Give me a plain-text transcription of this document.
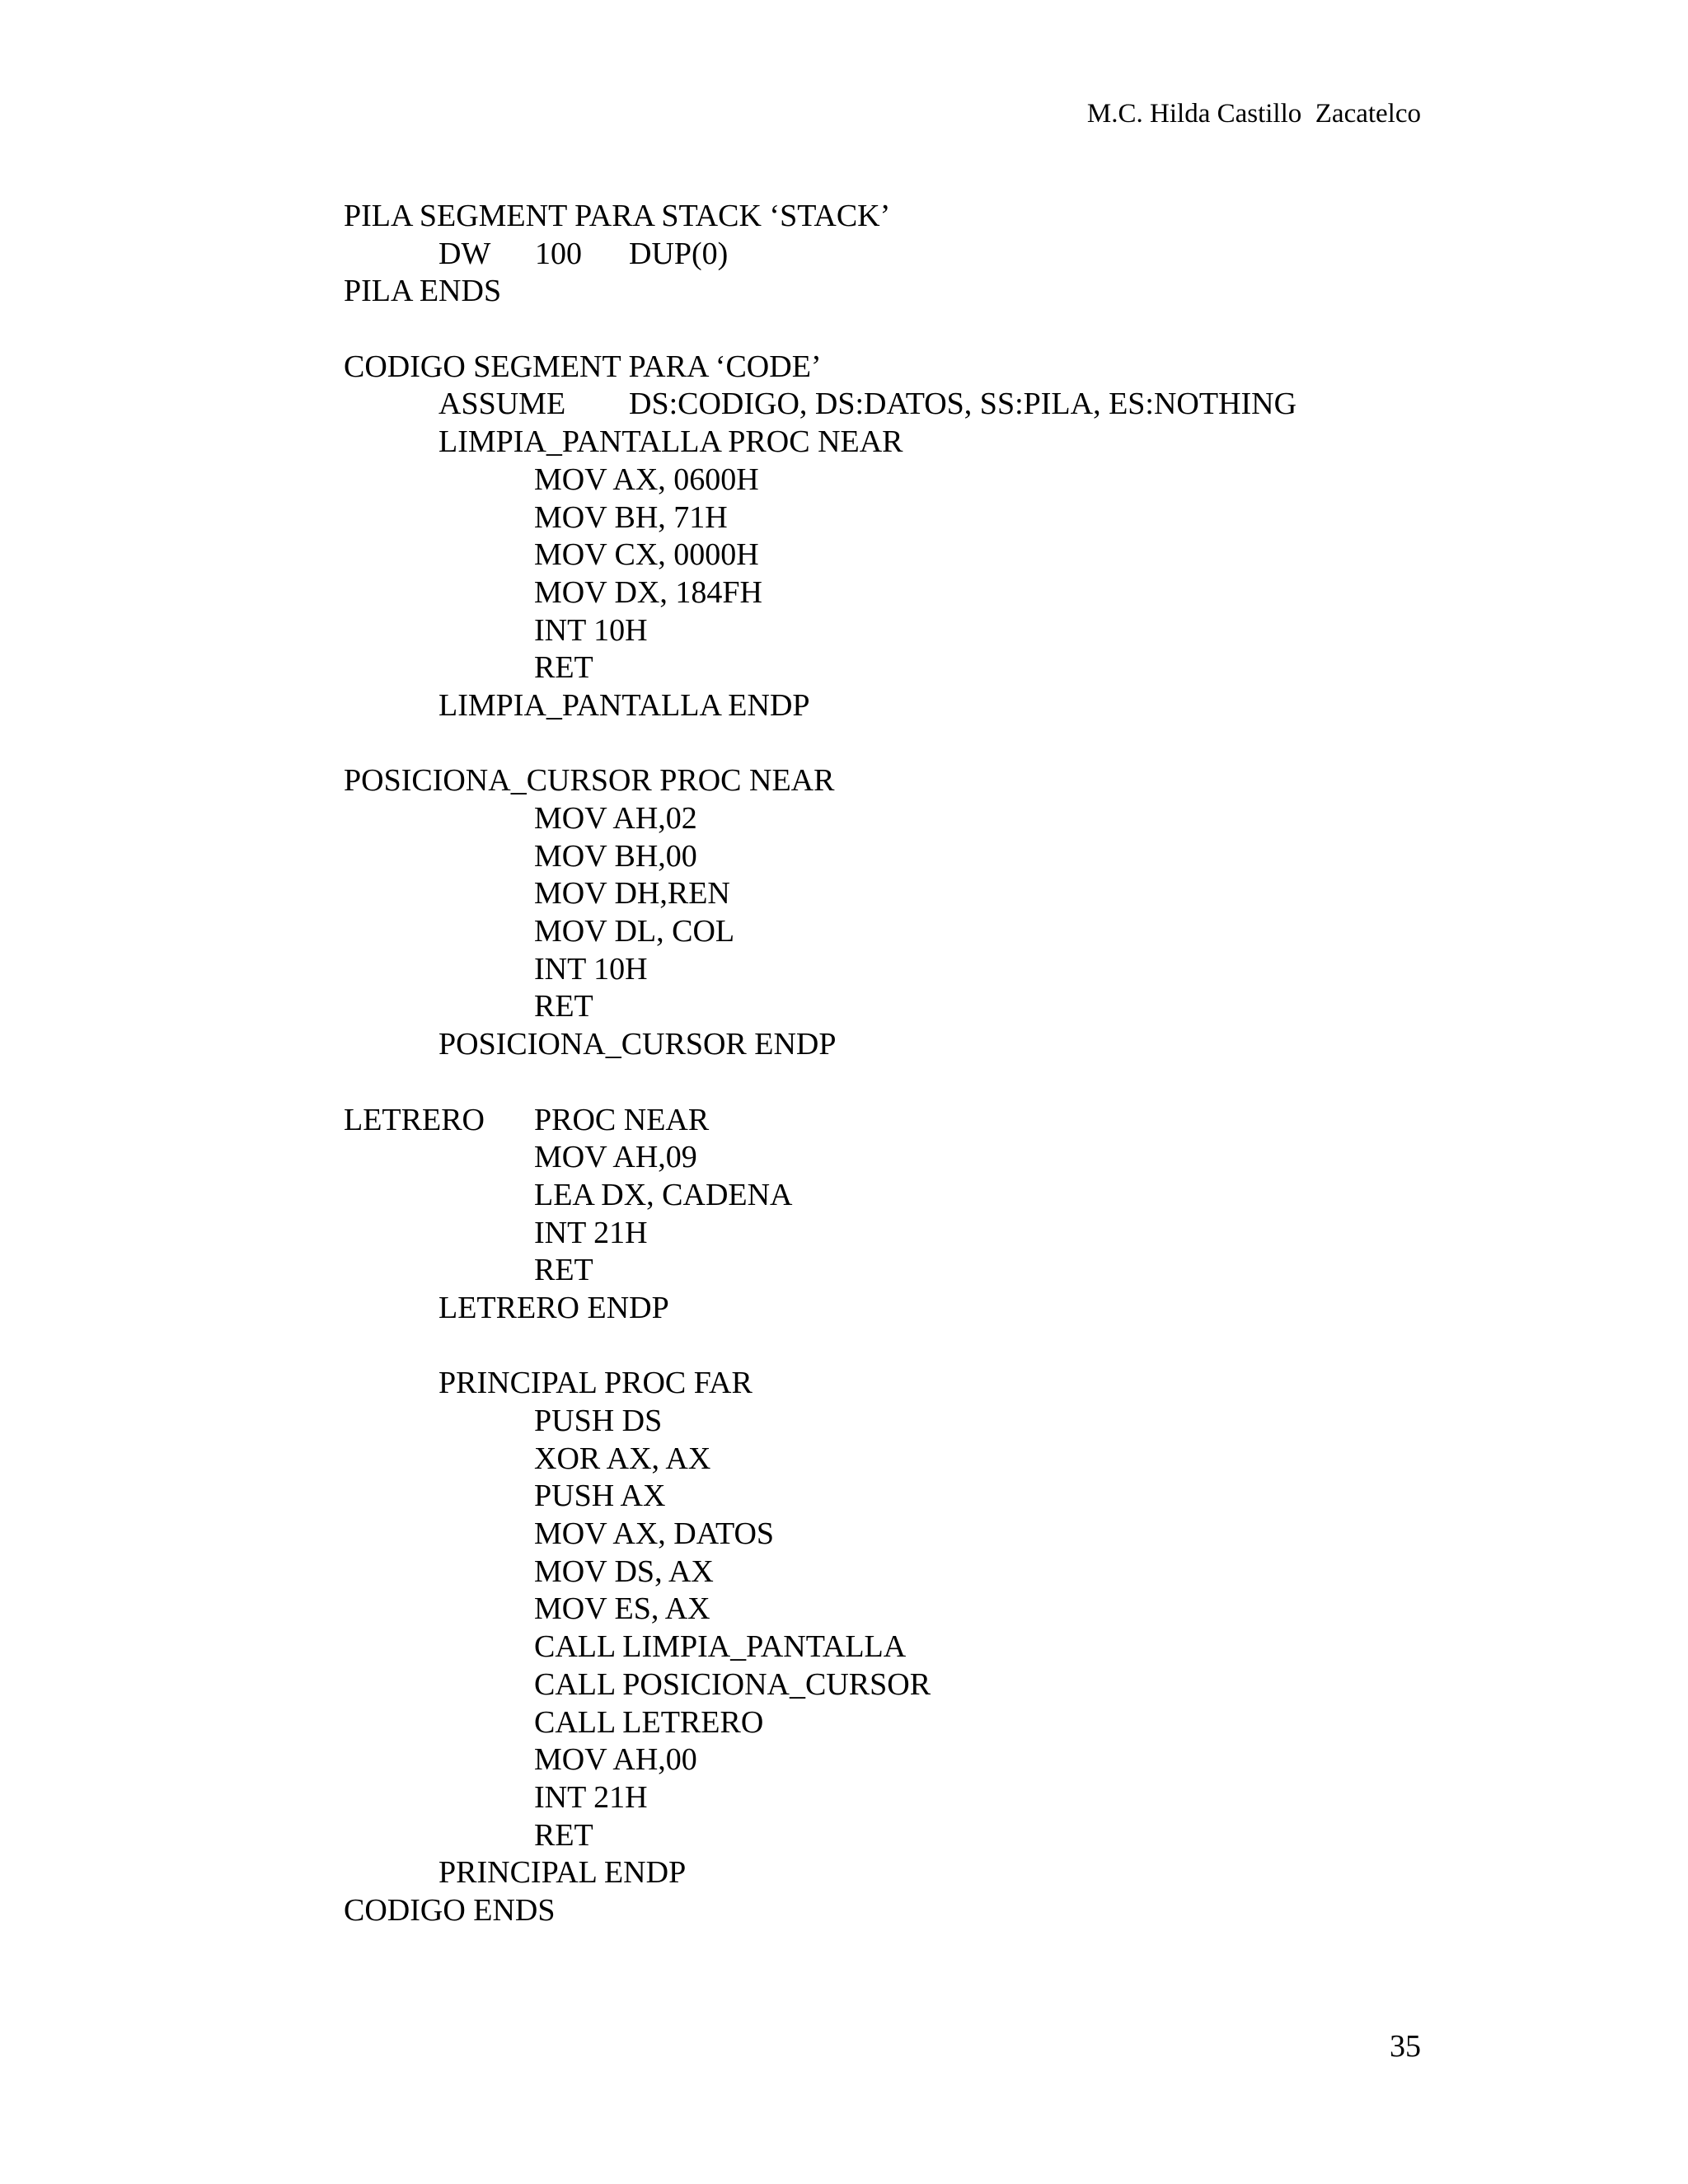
M.C. Hilda Castillo  Zacatelco
PILA SEGMENT PARA STACK ‘STACK’
DW 100 DUP(0)
PILA ENDS
CODIGO SEGMENT PARA ‘CODE’
ASSUME DS:CODIGO, DS:DATOS, SS:PILA, ES:NOTHING
LIMPIA_PANTALLA PROC NEAR
MOV AX, 0600H
MOV BH, 71H
MOV CX, 0000H
MOV DX, 184FH
INT 10H
RET
LIMPIA_PANTALLA ENDP
POSICIONA_CURSOR PROC NEAR
MOV AH,02
MOV BH,00
MOV DH,REN
MOV DL, COL
INT 10H
RET
POSICIONA_CURSOR ENDP
LETRERO PROC NEAR
MOV AH,09
LEA DX, CADENA
INT 21H
RET
LETRERO ENDP
PRINCIPAL PROC FAR
PUSH DS
XOR AX, AX
PUSH AX
MOV AX, DATOS
MOV DS, AX
MOV ES, AX
CALL LIMPIA_PANTALLA
CALL POSICIONA_CURSOR
CALL LETRERO
MOV AH,00
INT 21H
RET
PRINCIPAL ENDP
CODIGO ENDS
35
